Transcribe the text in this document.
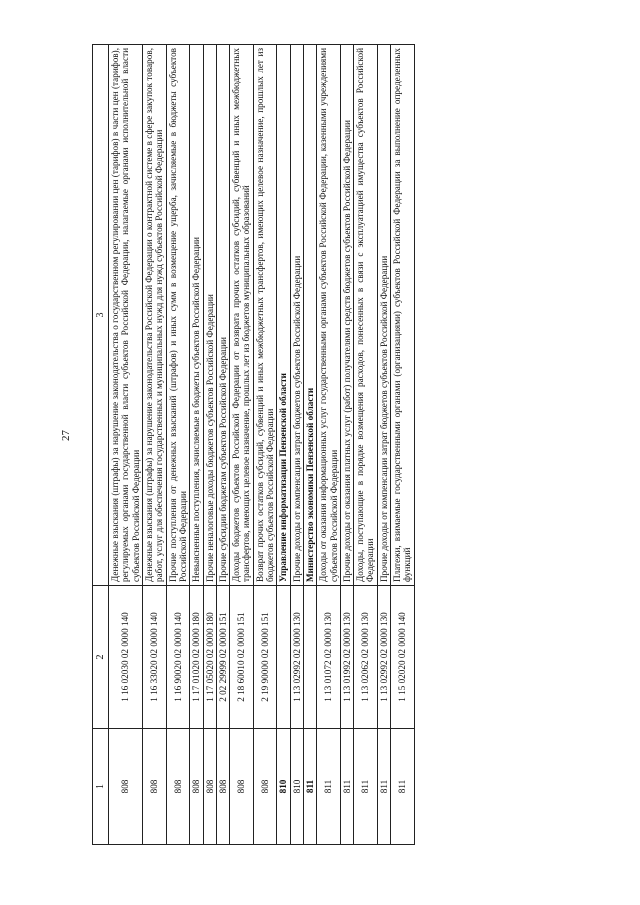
27
1	2	3
808	1 16 02030 02 0000 140	Денежные взыскания (штрафы) за нарушение законодательства о государственном регулировании цен (тарифов) в части цен (тарифов), регулируемых органами государственной власти субъектов Российской Федерации, налагаемые органами исполнительной власти субъектов Российской Федерации
808	1 16 33020 02 0000 140	Денежные взыскания (штрафы) за нарушение законодательства Российской Федерации о контрактной системе в сфере закупок товаров, работ, услуг для обеспечения государственных и муниципальных нужд для нужд субъектов Российской Федерации
808	1 16 90020 02 0000 140	Прочие поступления от денежных взысканий (штрафов) и иных сумм в возмещение ущерба, зачисляемые в бюджеты субъектов Российской Федерации
808	1 17 01020 02 0000 180	Невыясненные поступления, зачисляемые в бюджеты субъектов Российской Федерации
808	1 17 05020 02 0000 180	Прочие неналоговые доходы бюджетов субъектов Российской Федерации
808	2 02 29999 02 0000 151	Прочие субсидии бюджетам субъектов Российской Федерации
808	2 18 60010 02 0000 151	Доходы бюджетов субъектов Российской Федерации от возврата прочих остатков субсидий, субвенций и иных межбюджетных трансфертов, имеющих целевое назначение, прошлых лет из бюджетов муниципальных образований
808	2 19 90000 02 0000 151	Возврат прочих остатков субсидий, субвенций и иных межбюджетных трансфертов, имеющих целевое назначение, прошлых лет из бюджетов субъектов Российской Федерации
810		Управление информатизации Пензенской области
810	1 13 02992 02 0000 130	Прочие доходы от компенсации затрат бюджетов субъектов Российской Федерации
811		Министерство экономики Пензенской области
811	1 13 01072 02 0000 130	Доходы от оказания информационных услуг государственными органами субъектов Российской Федерации, казенными учреждениями субъектов Российской Федерации
811	1 13 01992 02 0000 130	Прочие доходы от оказания платных услуг (работ) получателями средств бюджетов субъектов Российской Федерации
811	1 13 02062 02 0000 130	Доходы, поступающие в порядке возмещения расходов, понесенных в связи с эксплуатацией имущества субъектов Российской Федерации
811	1 13 02992 02 0000 130	Прочие доходы от компенсации затрат бюджетов субъектов Российской Федерации
811	1 15 02020 02 0000 140	Платежи, взимаемые государственными органами (организациями) субъектов Российской Федерации за выполнение определенных функций
